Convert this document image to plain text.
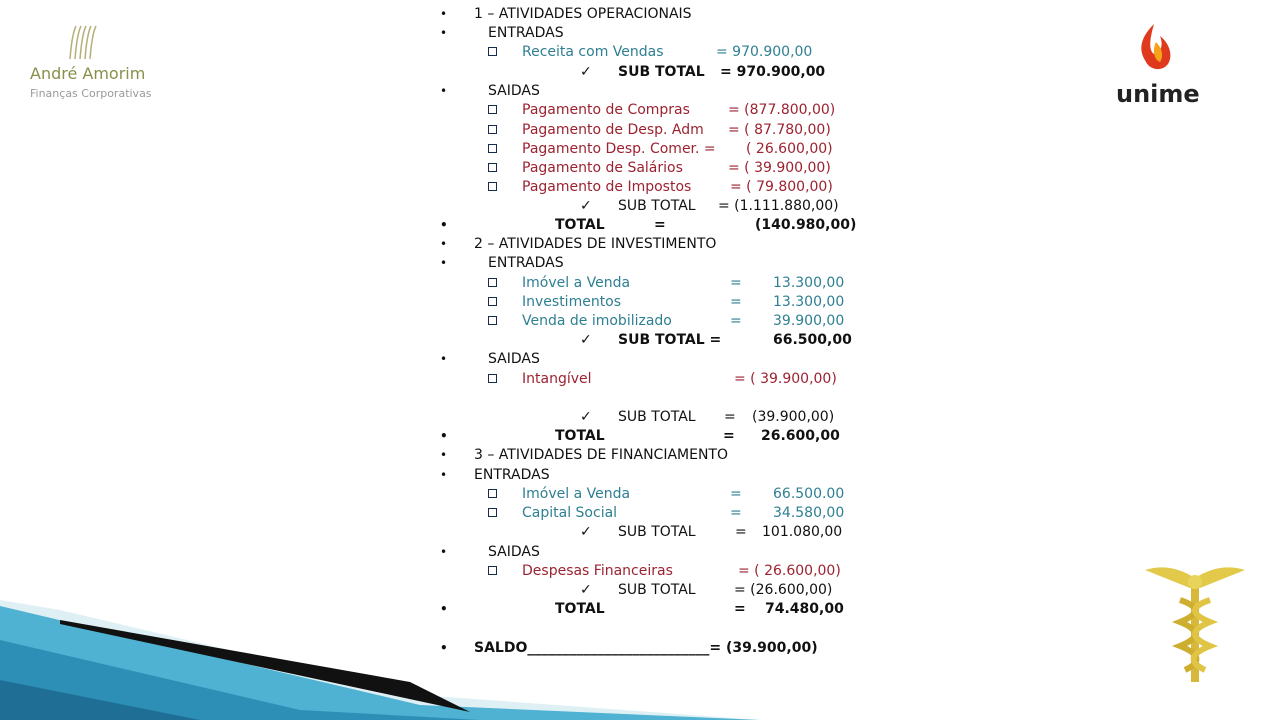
André Amorim
Finanças Corporativas	unime
• 1 – ATIVIDADES OPERACIONAIS
•	ENTRADAS
Receita com Vendas	= 970.900,00
✓ SUB TOTAL = 970.900,00
•	SAIDAS
Pagamento de Compras	= (877.800,00)
Pagamento de Desp. Adm = ( 87.780,00)
Pagamento Desp. Comer. = ( 26.600,00)
Pagamento de Salários	= ( 39.900,00)
Pagamento de Impostos	= ( 79.800,00)
✓ SUB TOTAL = (1.111.880,00)
•	TOTAL	=	(140.980,00)
• 2 – ATIVIDADES DE INVESTIMENTO
•	ENTRADAS
Imóvel a Venda	= 13.300,00
Investimentos	= 13.300,00
Venda de imobilizado	= 39.900,00
✓ SUB TOTAL =	66.500,00
•	SAIDAS
Intangível	= ( 39.900,00)
✓ SUB TOTAL = (39.900,00)
•	TOTAL	= 26.600,00
• 3 – ATIVIDADES DE FINANCIAMENTO
• ENTRADAS
Imóvel a Venda	= 66.500.00
Capital Social	= 34.580,00
✓ SUB TOTAL	= 101.080,00
•	SAIDAS
Despesas Financeiras	= ( 26.600,00)
✓ SUB TOTAL	= (26.600,00)
•	TOTAL	= 74.480,00
• SALDO__________________________= (39.900,00)
